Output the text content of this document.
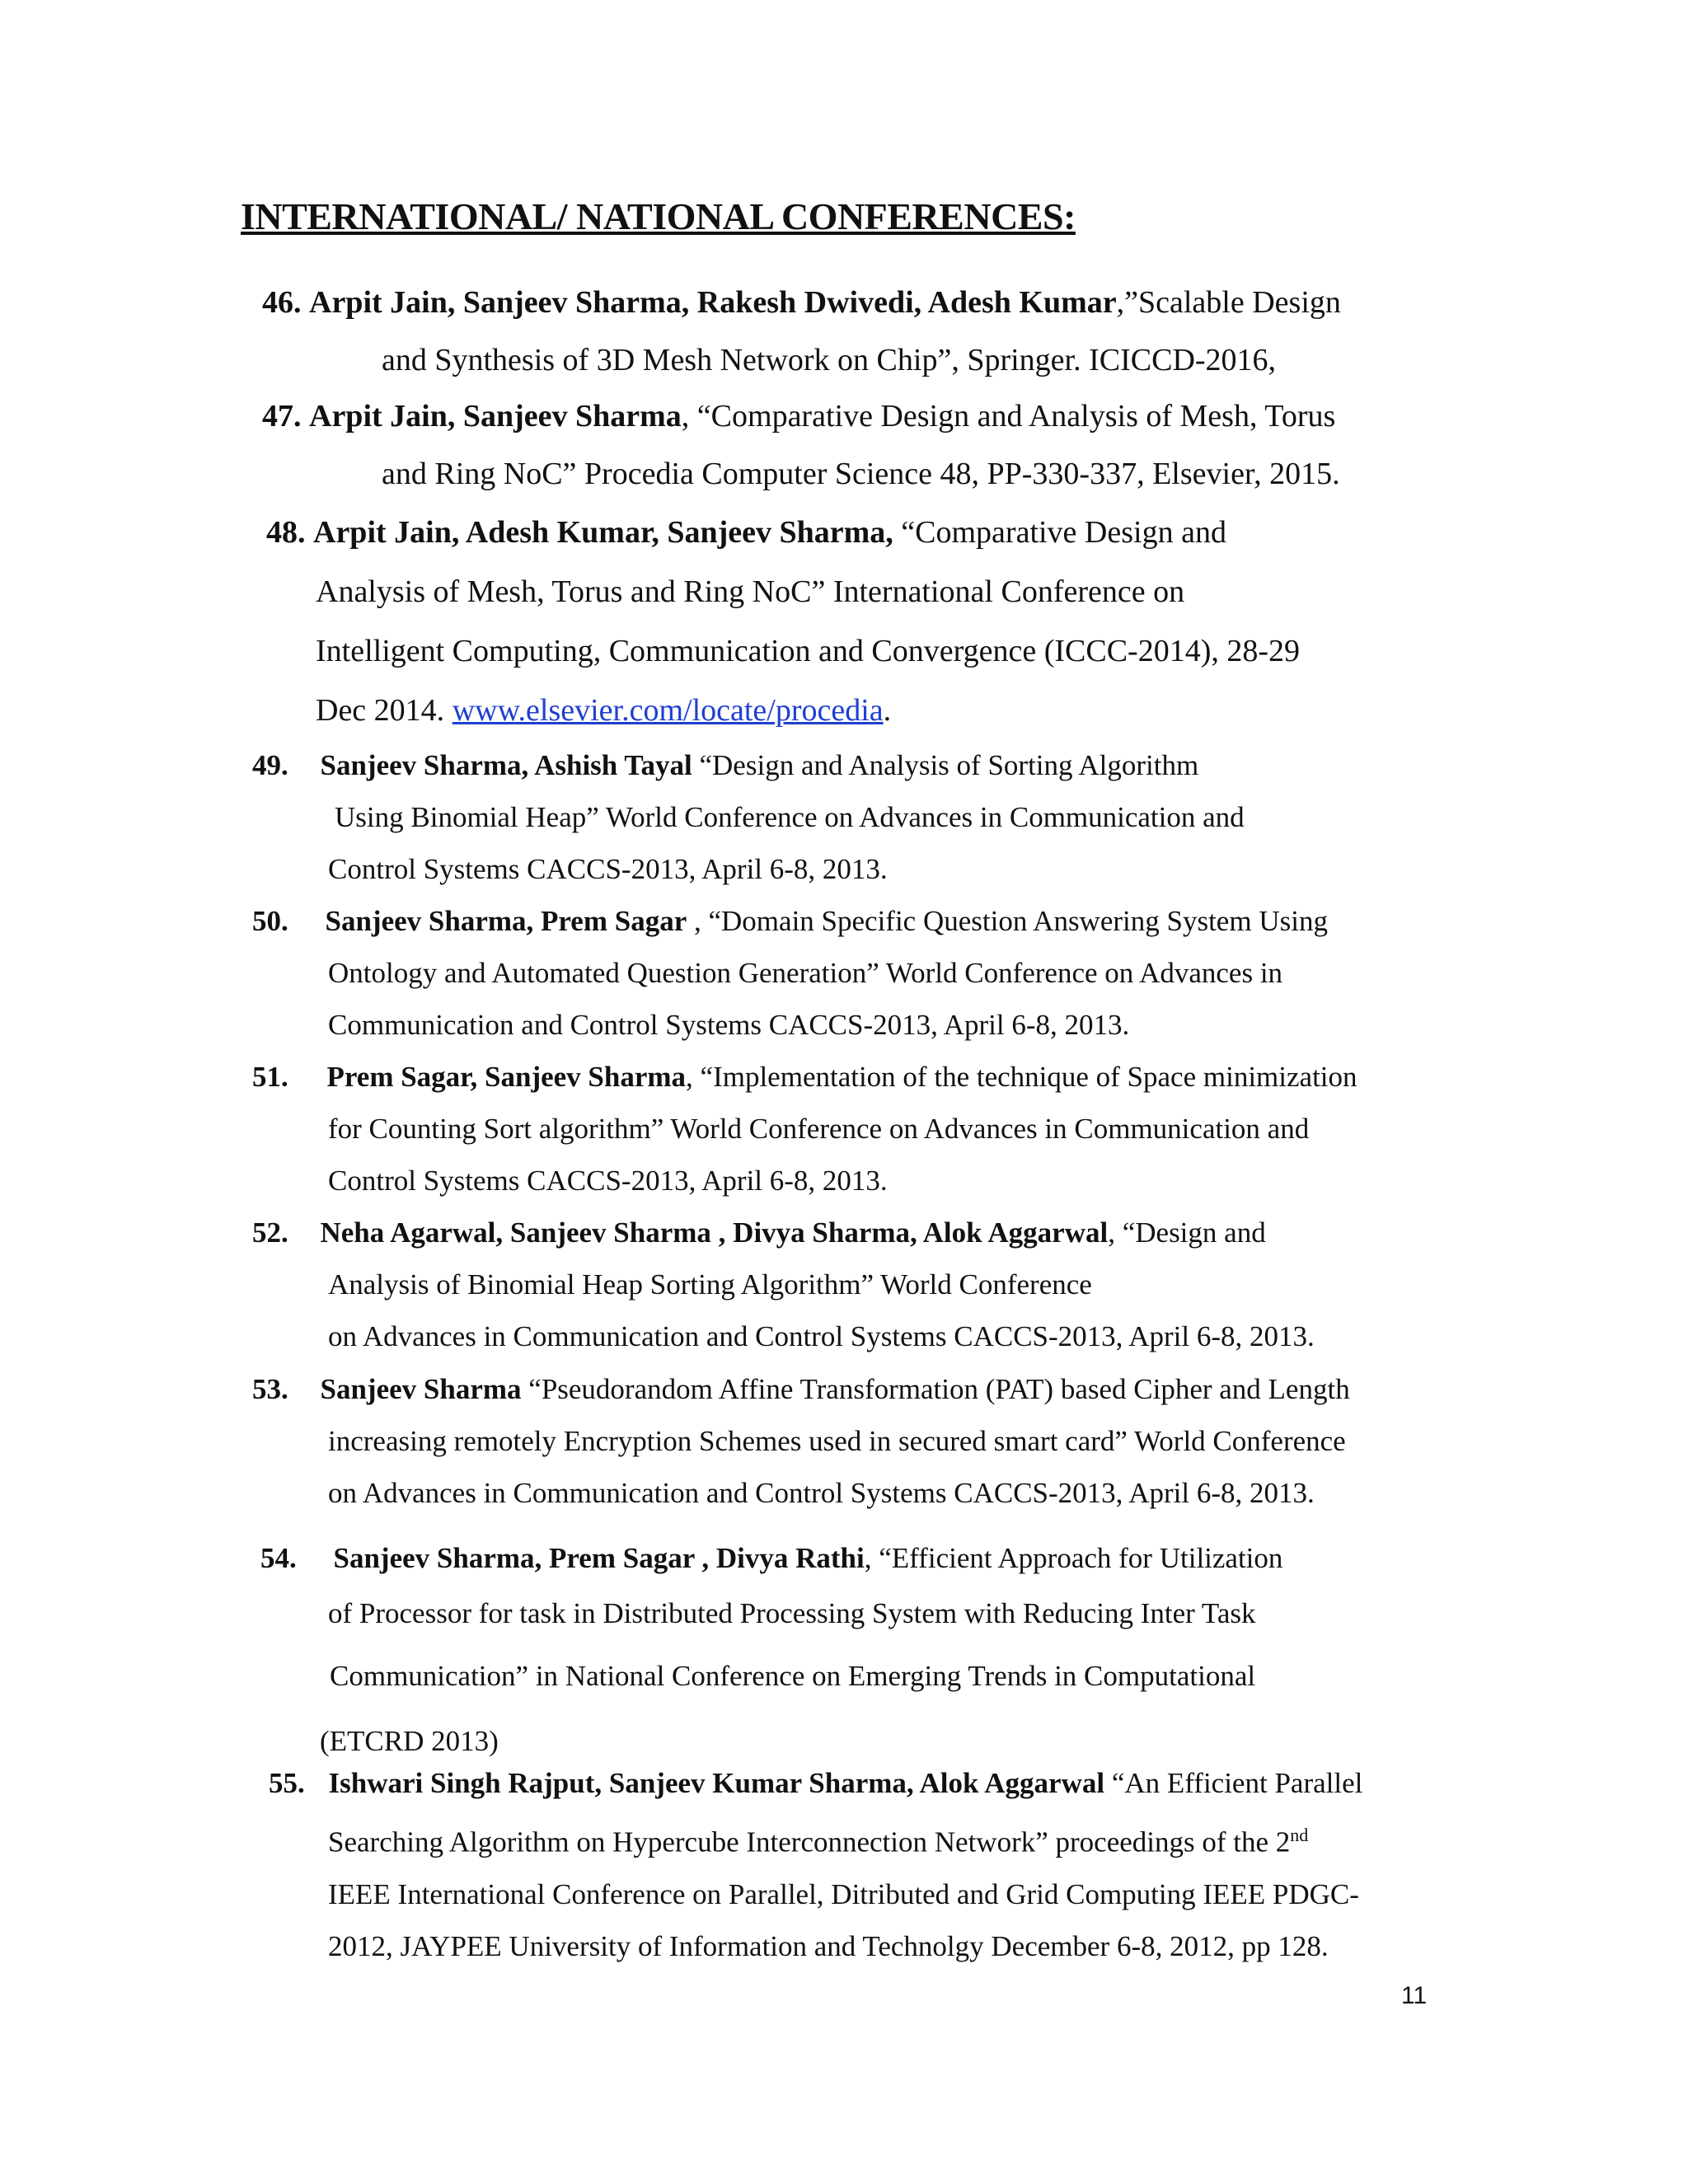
INTERNATIONAL/ NATIONAL CONFERENCES:
46. Arpit Jain, Sanjeev Sharma, Rakesh Dwivedi, Adesh Kumar,”Scalable Design
and Synthesis of 3D Mesh Network on Chip”, Springer. ICICCD-2016,
47. Arpit Jain, Sanjeev Sharma, “Comparative Design and Analysis of Mesh, Torus
and Ring NoC” Procedia Computer Science 48, PP-330-337, Elsevier, 2015.
48. Arpit Jain, Adesh Kumar, Sanjeev Sharma, “Comparative Design and
Analysis of Mesh, Torus and Ring NoC” International Conference on
Intelligent Computing, Communication and Convergence (ICCC-2014), 28-29
Dec 2014. www.elsevier.com/locate/procedia.
49. Sanjeev Sharma, Ashish Tayal “Design and Analysis of Sorting Algorithm
Using Binomial Heap” World Conference on Advances in Communication and
Control Systems CACCS-2013, April 6-8, 2013.
50. Sanjeev Sharma, Prem Sagar , “Domain Specific Question Answering System Using
Ontology and Automated Question Generation” World Conference on Advances in
Communication and Control Systems CACCS-2013, April 6-8, 2013.
51. Prem Sagar, Sanjeev Sharma, “Implementation of the technique of Space minimization
for Counting Sort algorithm” World Conference on Advances in Communication and
Control Systems CACCS-2013, April 6-8, 2013.
52. Neha Agarwal, Sanjeev Sharma , Divya Sharma, Alok Aggarwal, “Design and
Analysis of Binomial Heap Sorting Algorithm” World Conference
on Advances in Communication and Control Systems CACCS-2013, April 6-8, 2013.
53. Sanjeev Sharma “Pseudorandom Affine Transformation (PAT) based Cipher and Length
increasing remotely Encryption Schemes used in secured smart card” World Conference
on Advances in Communication and Control Systems CACCS-2013, April 6-8, 2013.
54. Sanjeev Sharma, Prem Sagar , Divya Rathi, “Efficient Approach for Utilization
of Processor for task in Distributed Processing System with Reducing Inter Task
Communication” in National Conference on Emerging Trends in Computational
(ETCRD 2013)
55. Ishwari Singh Rajput, Sanjeev Kumar Sharma, Alok Aggarwal “An Efficient Parallel
Searching Algorithm on Hypercube Interconnection Network” proceedings of the 2nd
IEEE International Conference on Parallel, Ditributed and Grid Computing IEEE PDGC-
2012, JAYPEE University of Information and Technolgy December 6-8, 2012, pp 128.
11
